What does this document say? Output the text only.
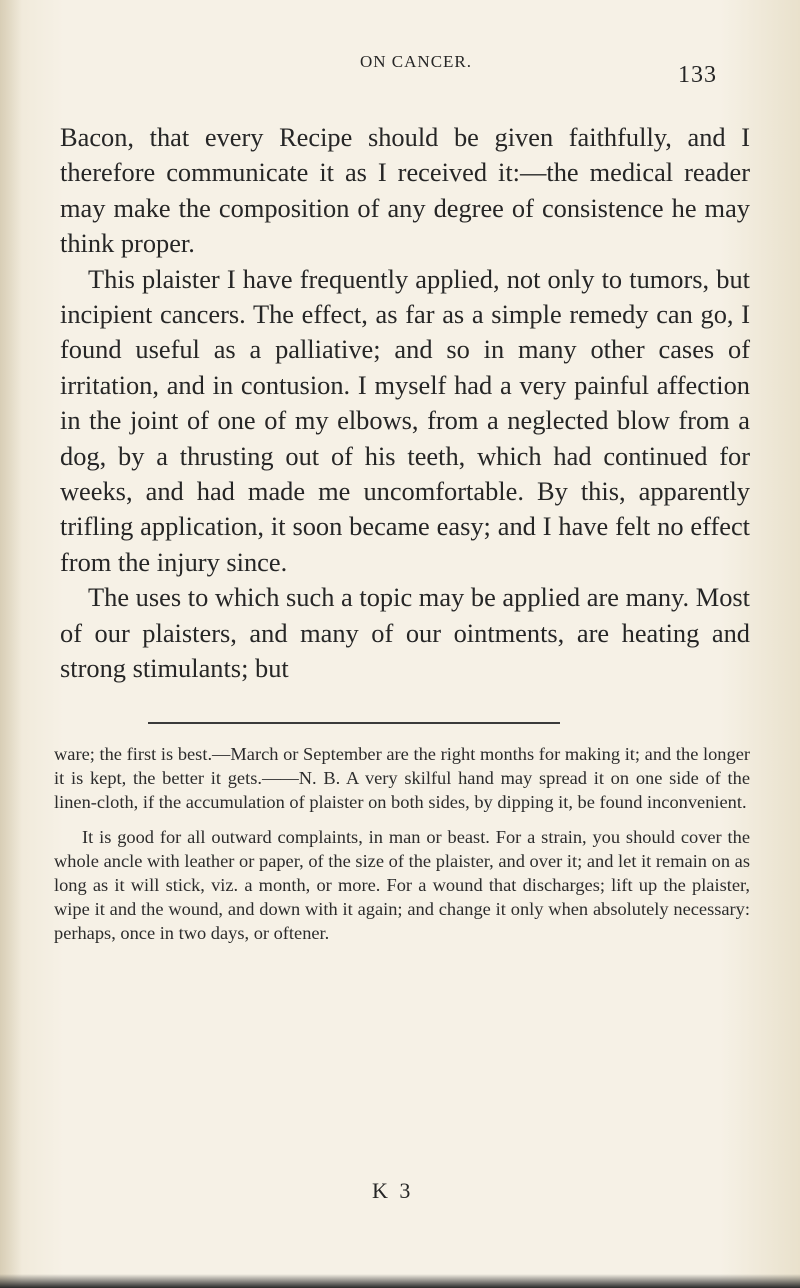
ON CANCER.
133

Bacon, that every Recipe should be given faithfully, and I therefore communicate it as I received it:—the medical reader may make the composition of any degree of consistence he may think proper.

This plaister I have frequently applied, not only to tumors, but incipient cancers. The effect, as far as a simple remedy can go, I found useful as a palliative; and so in many other cases of irritation, and in contusion. I myself had a very painful affection in the joint of one of my elbows, from a neglected blow from a dog, by a thrusting out of his teeth, which had continued for weeks, and had made me uncomfortable. By this, apparently trifling application, it soon became easy; and I have felt no effect from the injury since.

The uses to which such a topic may be applied are many. Most of our plaisters, and many of our ointments, are heating and strong stimulants; but

ware; the first is best.—March or September are the right months for making it; and the longer it is kept, the better it gets.——N. B. A very skilful hand may spread it on one side of the linen-cloth, if the accumulation of plaister on both sides, by dipping it, be found inconvenient.

It is good for all outward complaints, in man or beast. For a strain, you should cover the whole ancle with leather or paper, of the size of the plaister, and over it; and let it remain on as long as it will stick, viz. a month, or more. For a wound that discharges; lift up the plaister, wipe it and the wound, and down with it again; and change it only when absolutely necessary: perhaps, once in two days, or oftener.

K 3
